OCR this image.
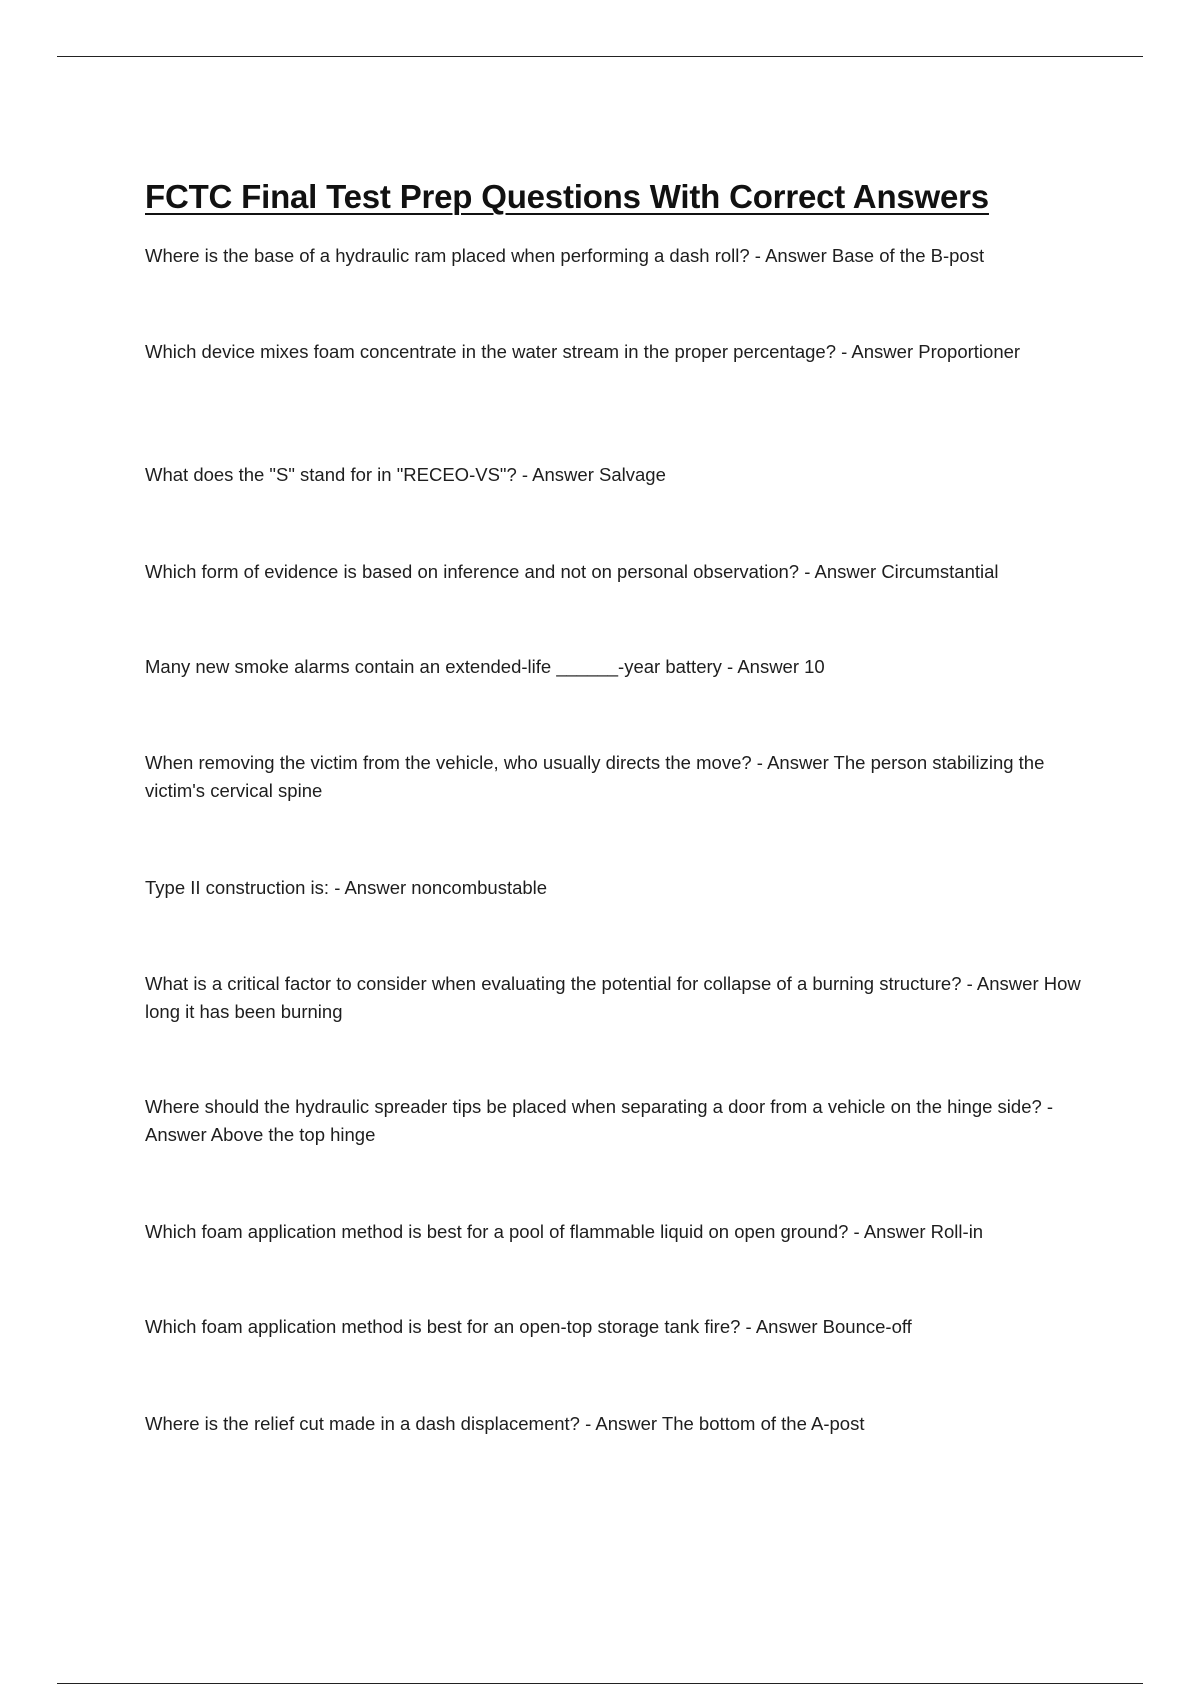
FCTC Final Test Prep Questions With Correct Answers

Where is the base of a hydraulic ram placed when performing a dash roll? - Answer Base of the B-post

Which device mixes foam concentrate in the water stream in the proper percentage? - Answer Proportioner

What does the "S" stand for in "RECEO-VS"? - Answer Salvage

Which form of evidence is based on inference and not on personal observation? - Answer Circumstantial

Many new smoke alarms contain an extended-life ______-year battery - Answer 10

When removing the victim from the vehicle, who usually directs the move? - Answer The person stabilizing the victim's cervical spine

Type II construction is: - Answer noncombustable

What is a critical factor to consider when evaluating the potential for collapse of a burning structure? - Answer How long it has been burning

Where should the hydraulic spreader tips be placed when separating a door from a vehicle on the hinge side? - Answer Above the top hinge

Which foam application method is best for a pool of flammable liquid on open ground? - Answer Roll-in

Which foam application method is best for an open-top storage tank fire? - Answer Bounce-off

Where is the relief cut made in a dash displacement? - Answer The bottom of the A-post
